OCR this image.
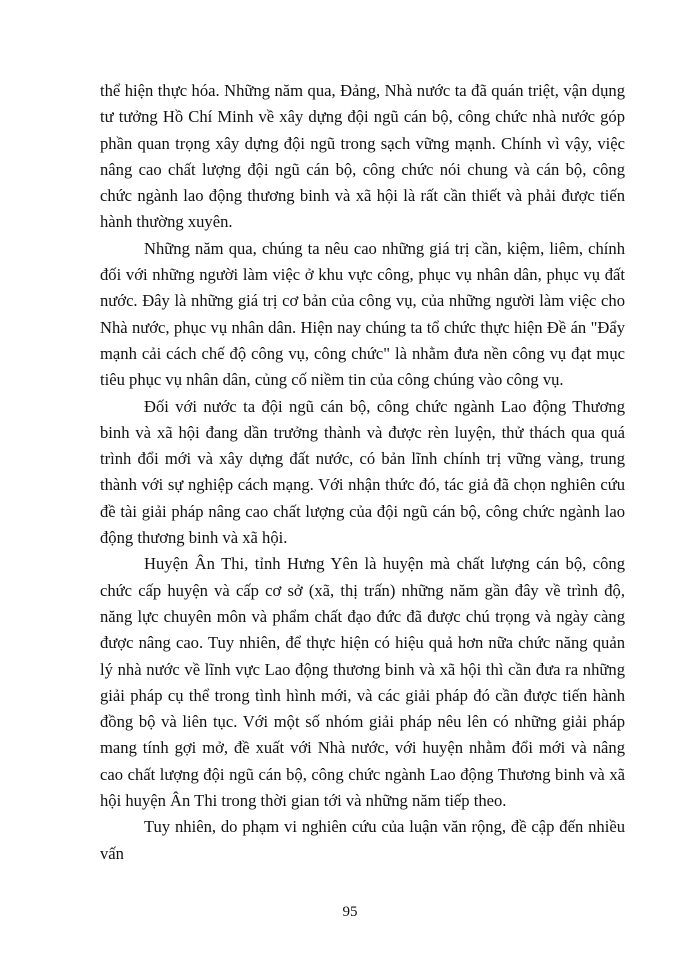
thể hiện thực hóa. Những năm qua, Đảng, Nhà nước ta đã quán triệt, vận dụng tư tưởng Hồ Chí Minh về xây dựng đội ngũ cán bộ, công chức nhà nước góp phần quan trọng xây dựng đội ngũ trong sạch vững mạnh. Chính vì vậy, việc nâng cao chất lượng đội ngũ cán bộ, công chức nói chung và cán bộ, công chức ngành lao động thương binh và xã hội là rất cần thiết và phải được tiến hành thường xuyên.

Những năm qua, chúng ta nêu cao những giá trị cần, kiệm, liêm, chính đối với những người làm việc ở khu vực công, phục vụ nhân dân, phục vụ đất nước. Đây là những giá trị cơ bản của công vụ, của những người làm việc cho Nhà nước, phục vụ nhân dân. Hiện nay chúng ta tổ chức thực hiện Đề án "Đẩy mạnh cải cách chế độ công vụ, công chức" là nhằm đưa nền công vụ đạt mục tiêu phục vụ nhân dân, củng cố niềm tin của công chúng vào công vụ.

Đối với nước ta đội ngũ cán bộ, công chức ngành Lao động Thương binh và xã hội đang dần trưởng thành và được rèn luyện, thử thách qua quá trình đổi mới và xây dựng đất nước, có bản lĩnh chính trị vững vàng, trung thành với sự nghiệp cách mạng. Với nhận thức đó, tác giả đã chọn nghiên cứu đề tài giải pháp nâng cao chất lượng của đội ngũ cán bộ, công chức ngành lao động thương binh và xã hội.

Huyện Ân Thi, tỉnh Hưng Yên là huyện mà chất lượng cán bộ, công chức cấp huyện và cấp cơ sở (xã, thị trấn) những năm gần đây về trình độ, năng lực chuyên môn và phẩm chất đạo đức đã được chú trọng và ngày càng được nâng cao. Tuy nhiên, để thực hiện có hiệu quả hơn nữa chức năng quản lý nhà nước về lĩnh vực Lao động thương binh và xã hội thì cần đưa ra những giải pháp cụ thể trong tình hình mới, và các giải pháp đó cần được tiến hành đồng bộ và liên tục. Với một số nhóm giải pháp nêu lên có những giải pháp mang tính gợi mở, đề xuất với Nhà nước, với huyện nhằm đổi mới và nâng cao chất lượng đội ngũ cán bộ, công chức ngành Lao động Thương binh và xã hội huyện Ân Thi trong thời gian tới và những năm tiếp theo.

Tuy nhiên, do phạm vi nghiên cứu của luận văn rộng, đề cập đến nhiều vấn

95
